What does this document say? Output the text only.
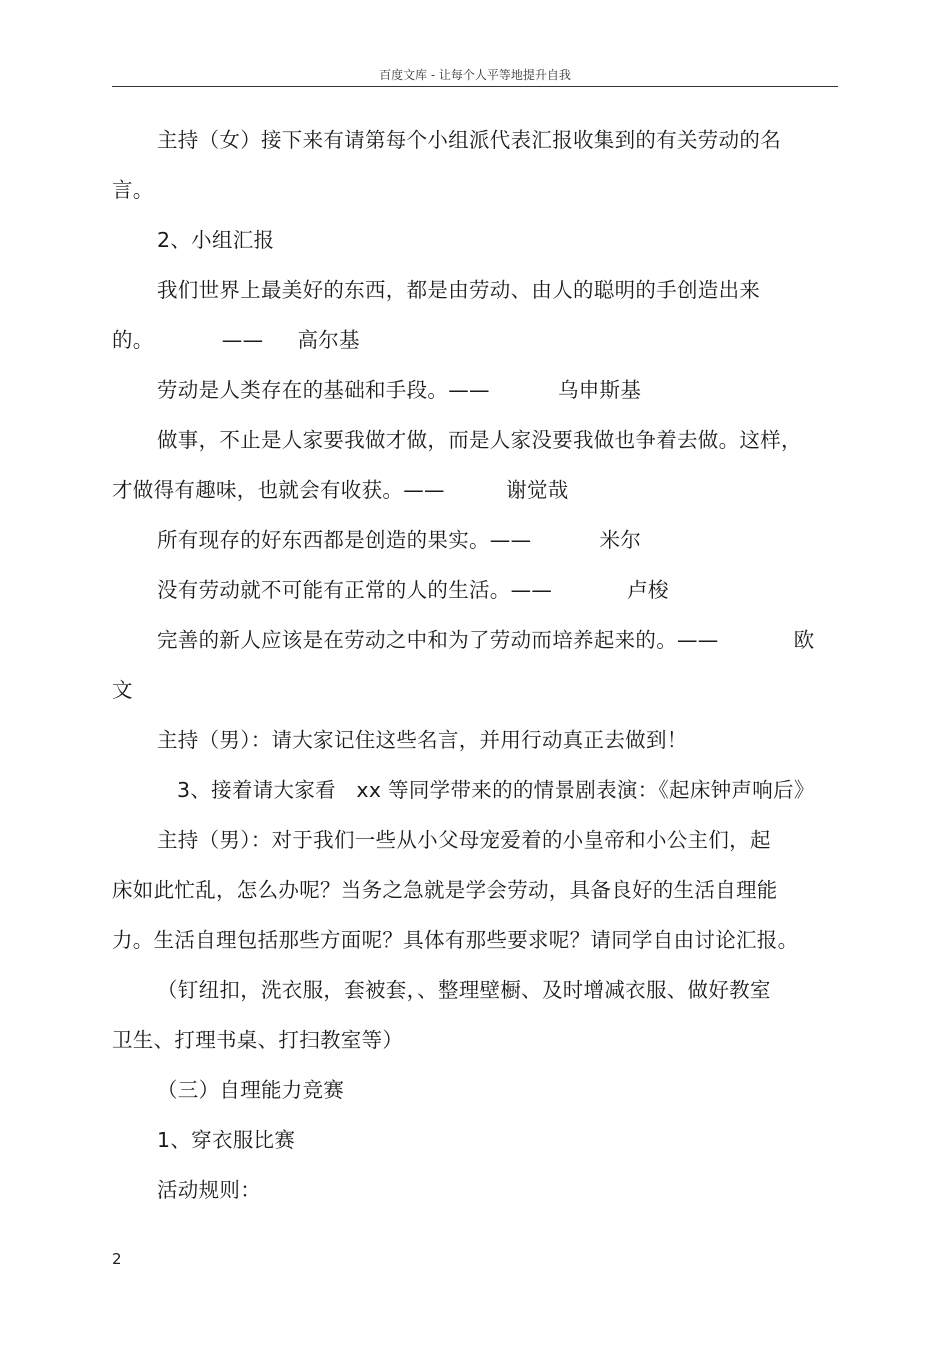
百度文库 - 让每个人平等地提升自我
主持（女）接下来有请第每个小组派代表汇报收集到的有关劳动的名
言。
2、小组汇报
我们世界上最美好的东西，都是由劳动、由人的聪明的手创造出来
的。          ——     高尔基
劳动是人类存在的基础和手段。——          乌申斯基
做事，不止是人家要我做才做，而是人家没要我做也争着去做。这样，
才做得有趣味，也就会有收获。——         谢觉哉
所有现存的好东西都是创造的果实。——          米尔
没有劳动就不可能有正常的人的生活。——           卢梭
完善的新人应该是在劳动之中和为了劳动而培养起来的。——           欧
文
主持（男）：请大家记住这些名言，并用行动真正去做到！
3、接着请大家看   xx 等同学带来的的情景剧表演：《起床钟声响后》
主持（男）：对于我们一些从小父母宠爱着的小皇帝和小公主们，起
床如此忙乱，怎么办呢？当务之急就是学会劳动，具备良好的生活自理能
力。生活自理包括那些方面呢？具体有那些要求呢？请同学自由讨论汇报。
（钉纽扣，洗衣服，套被套，、整理壁橱、及时增减衣服、做好教室
卫生、打理书桌、打扫教室等）
（三）自理能力竞赛
1、穿衣服比赛
活动规则：
2
